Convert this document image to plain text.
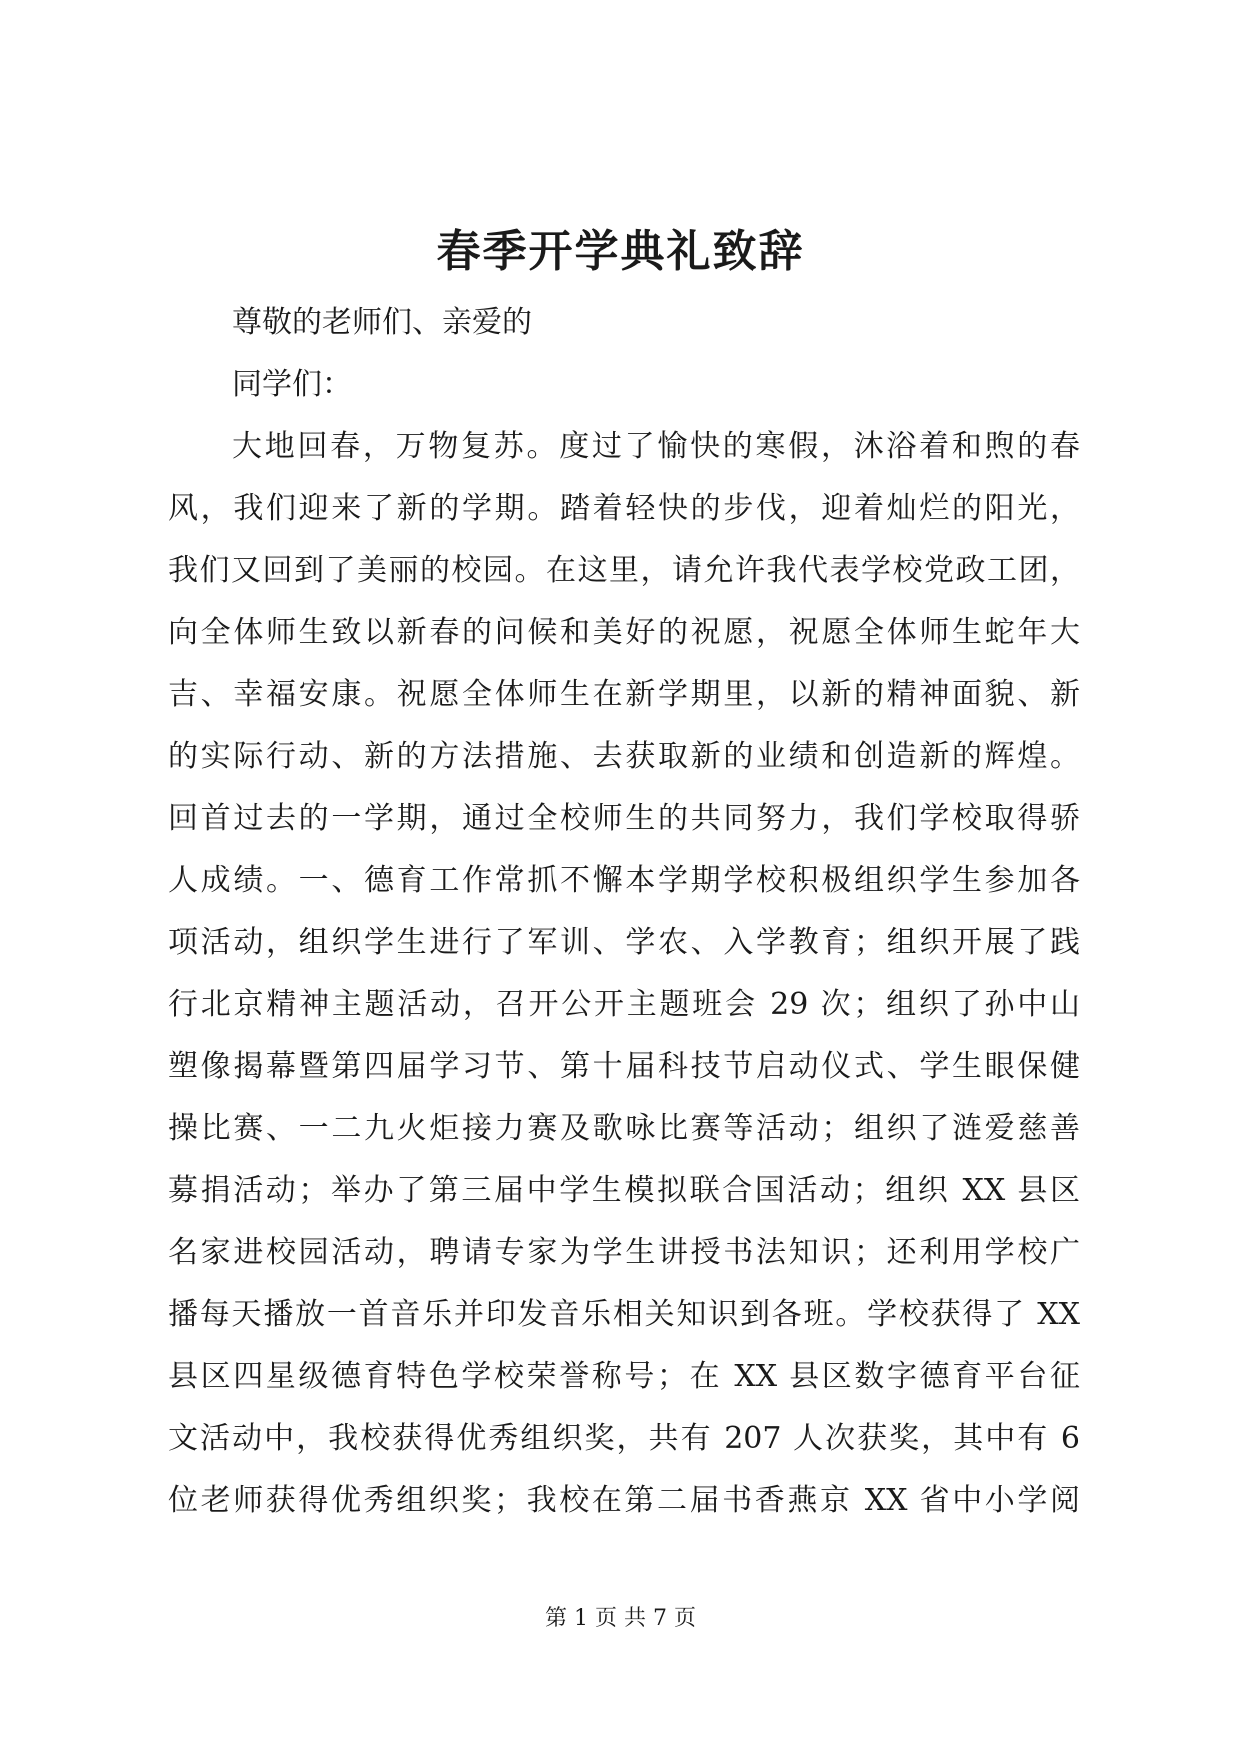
春季开学典礼致辞
尊敬的老师们、亲爱的
同学们：
大地回春，万物复苏。度过了愉快的寒假，沐浴着和煦的春
风，我们迎来了新的学期。踏着轻快的步伐，迎着灿烂的阳光，
我们又回到了美丽的校园。在这里，请允许我代表学校党政工团，
向全体师生致以新春的问候和美好的祝愿，祝愿全体师生蛇年大
吉、幸福安康。祝愿全体师生在新学期里，以新的精神面貌、新
的实际行动、新的方法措施、去获取新的业绩和创造新的辉煌。
回首过去的一学期，通过全校师生的共同努力，我们学校取得骄
人成绩。一、德育工作常抓不懈本学期学校积极组织学生参加各
项活动，组织学生进行了军训、学农、入学教育；组织开展了践
行北京精神主题活动，召开公开主题班会 29 次；组织了孙中山
塑像揭幕暨第四届学习节、第十届科技节启动仪式、学生眼保健
操比赛、一二九火炬接力赛及歌咏比赛等活动；组织了涟爱慈善
募捐活动；举办了第三届中学生模拟联合国活动；组织 XX 县区
名家进校园活动，聘请专家为学生讲授书法知识；还利用学校广
播每天播放一首音乐并印发音乐相关知识到各班。学校获得了 XX
县区四星级德育特色学校荣誉称号；在 XX 县区数字德育平台征
文活动中，我校获得优秀组织奖，共有 207 人次获奖，其中有 6
位老师获得优秀组织奖；我校在第二届书香燕京 XX 省中小学阅
第 1 页 共 7 页
